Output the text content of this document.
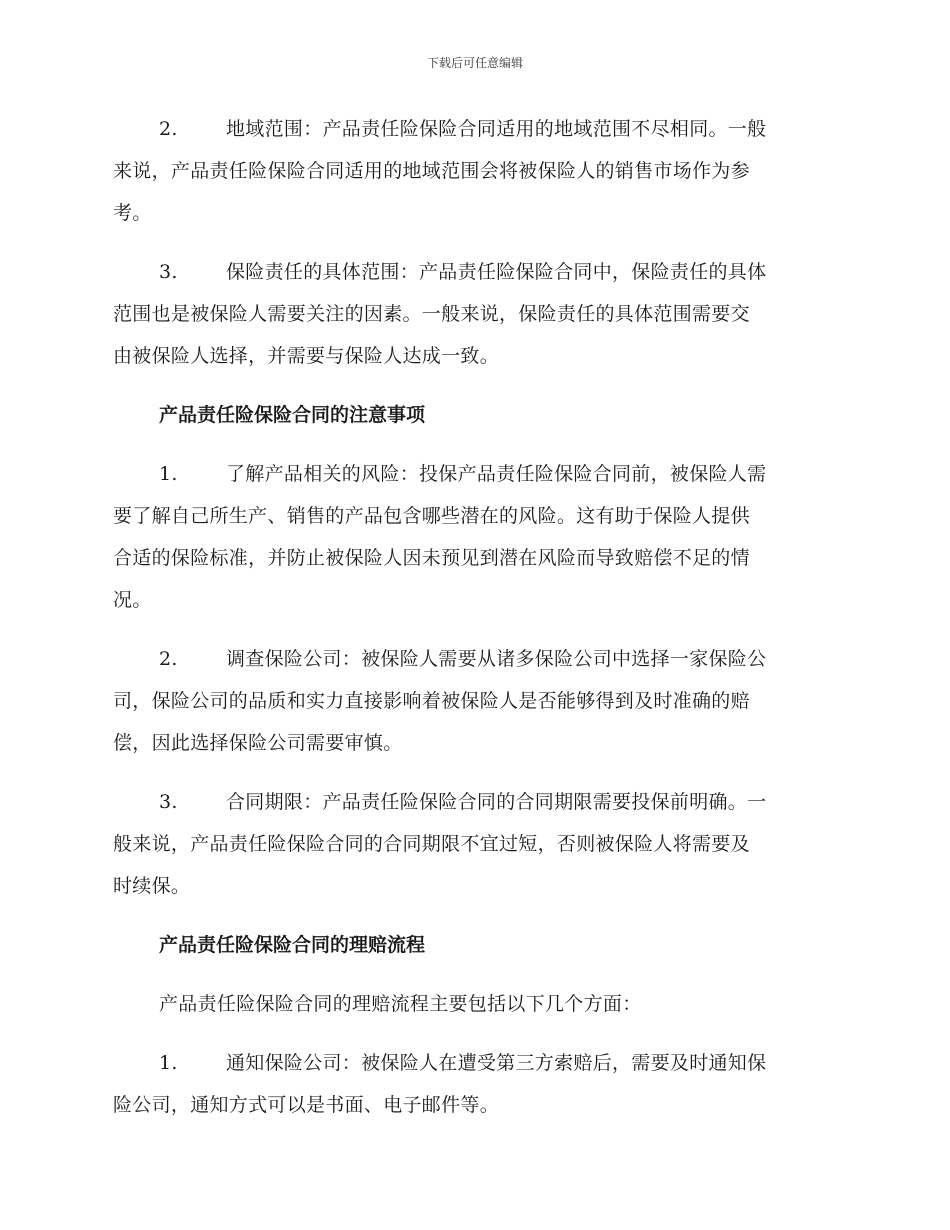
下载后可任意编辑
2.	地域范围：产品责任险保险合同适用的地域范围不尽相同。一般
来说，产品责任险保险合同适用的地域范围会将被保险人的销售市场作为参
考。
3.	保险责任的具体范围：产品责任险保险合同中，保险责任的具体
范围也是被保险人需要关注的因素。一般来说，保险责任的具体范围需要交
由被保险人选择，并需要与保险人达成一致。
产品责任险保险合同的注意事项
1.	了解产品相关的风险：投保产品责任险保险合同前，被保险人需
要了解自己所生产、销售的产品包含哪些潜在的风险。这有助于保险人提供
合适的保险标准，并防止被保险人因未预见到潜在风险而导致赔偿不足的情
况。
2.	调查保险公司：被保险人需要从诸多保险公司中选择一家保险公
司，保险公司的品质和实力直接影响着被保险人是否能够得到及时准确的赔
偿，因此选择保险公司需要审慎。
3.	合同期限：产品责任险保险合同的合同期限需要投保前明确。一
般来说，产品责任险保险合同的合同期限不宜过短，否则被保险人将需要及
时续保。
产品责任险保险合同的理赔流程
产品责任险保险合同的理赔流程主要包括以下几个方面：
1.	通知保险公司：被保险人在遭受第三方索赔后，需要及时通知保
险公司，通知方式可以是书面、电子邮件等。
